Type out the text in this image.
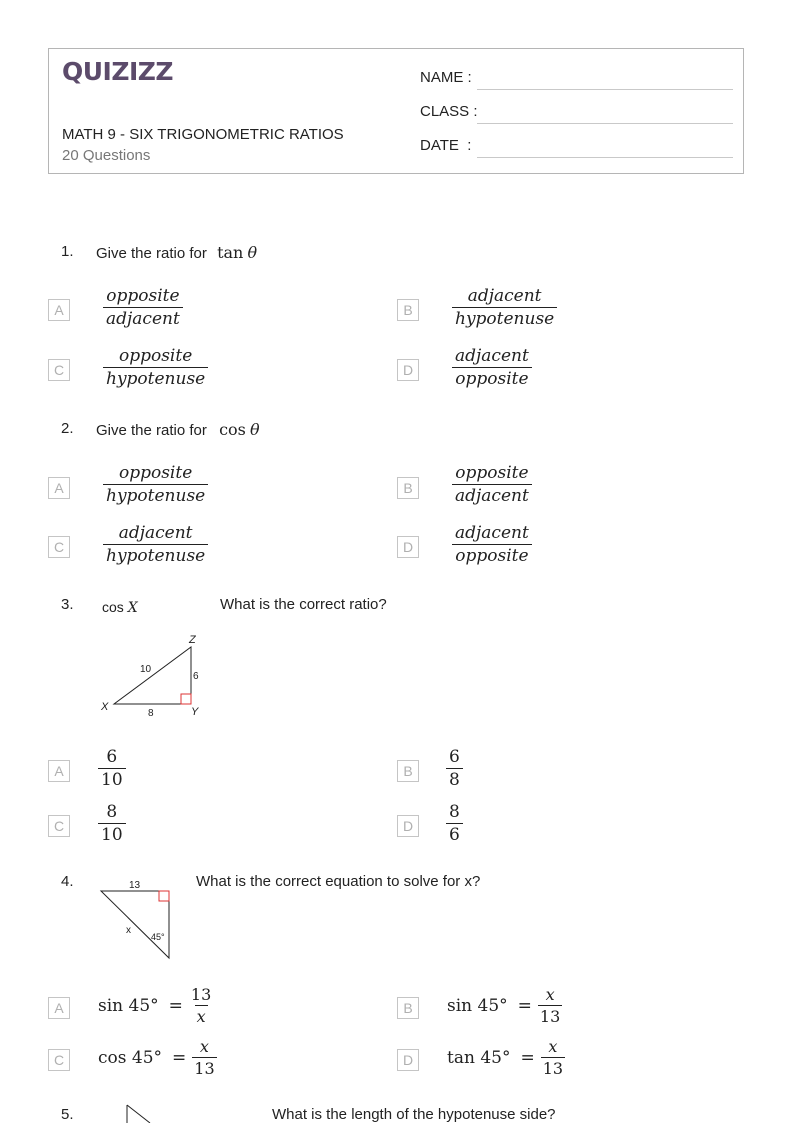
QUIZIZZ
MATH 9 - SIX TRIGONOMETRIC RATIOS
20 Questions
NAME :
CLASS :
DATE  :
1. Give the ratio for tan θ
A
opposite
adjacent	B
adjacent
hypotenuse
C
opposite
hypotenuse	D
adjacent
opposite
2. Give the ratio for cos θ
A
opposite
hypotenuse	B
opposite
adjacent
C
adjacent
hypotenuse	D
adjacent
opposite
3. cos X	What is the correct ratio?
10
6
8
X	Y
Z
A	$\frac{6}{10}$	B	$\frac{6}{8}$
C	$\frac{8}{10}$	D	$\frac{8}{6}$
4.	What is the correct equation to solve for x?
13
x
45°
A	$\sin 45^\circ = \frac{13}{x}$	B	$\sin 45^\circ = \frac{x}{13}$
C	$\cos 45^\circ = \frac{x}{13}$	D	$\tan 45^\circ = \frac{x}{13}$
5.	What is the length of the hypotenuse side?
